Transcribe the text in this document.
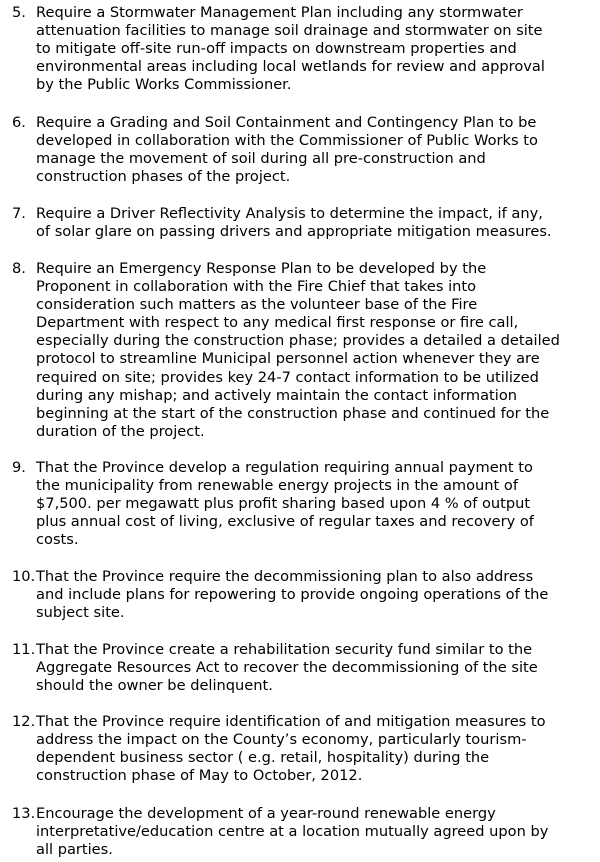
5. Require a Stormwater Management Plan including any stormwater
attenuation facilities to manage soil drainage and stormwater on site
to mitigate off-site run-off impacts on downstream properties and
environmental areas including local wetlands for review and approval
by the Public Works Commissioner.
6. Require a Grading and Soil Containment and Contingency Plan to be
developed in collaboration with the Commissioner of Public Works to
manage the movement of soil during all pre-construction and
construction phases of the project.
7. Require a Driver Reflectivity Analysis to determine the impact, if any,
of solar glare on passing drivers and appropriate mitigation measures.
8. Require an Emergency Response Plan to be developed by the
Proponent in collaboration with the Fire Chief that takes into
consideration such matters as the volunteer base of the Fire
Department with respect to any medical first response or fire call,
especially during the construction phase; provides a detailed a detailed
protocol to streamline Municipal personnel action whenever they are
required on site; provides key 24-7 contact information to be utilized
during any mishap; and actively maintain the contact information
beginning at the start of the construction phase and continued for the
duration of the project.
9. That the Province develop a regulation requiring annual payment to
the municipality from renewable energy projects in the amount of
$7,500. per megawatt plus profit sharing based upon 4 % of output
plus annual cost of living, exclusive of regular taxes and recovery of
costs.
10. That the Province require the decommissioning plan to also address
and include plans for repowering to provide ongoing operations of the
subject site.
11. That the Province create a rehabilitation security fund similar to the
Aggregate Resources Act to recover the decommissioning of the site
should the owner be delinquent.
12. That the Province require identification of and mitigation measures to
address the impact on the County’s economy, particularly tourism-
dependent business sector ( e.g. retail, hospitality) during the
construction phase of May to October, 2012.
13. Encourage the development of a year-round renewable energy
interpretative/education centre at a location mutually agreed upon by
all parties.
